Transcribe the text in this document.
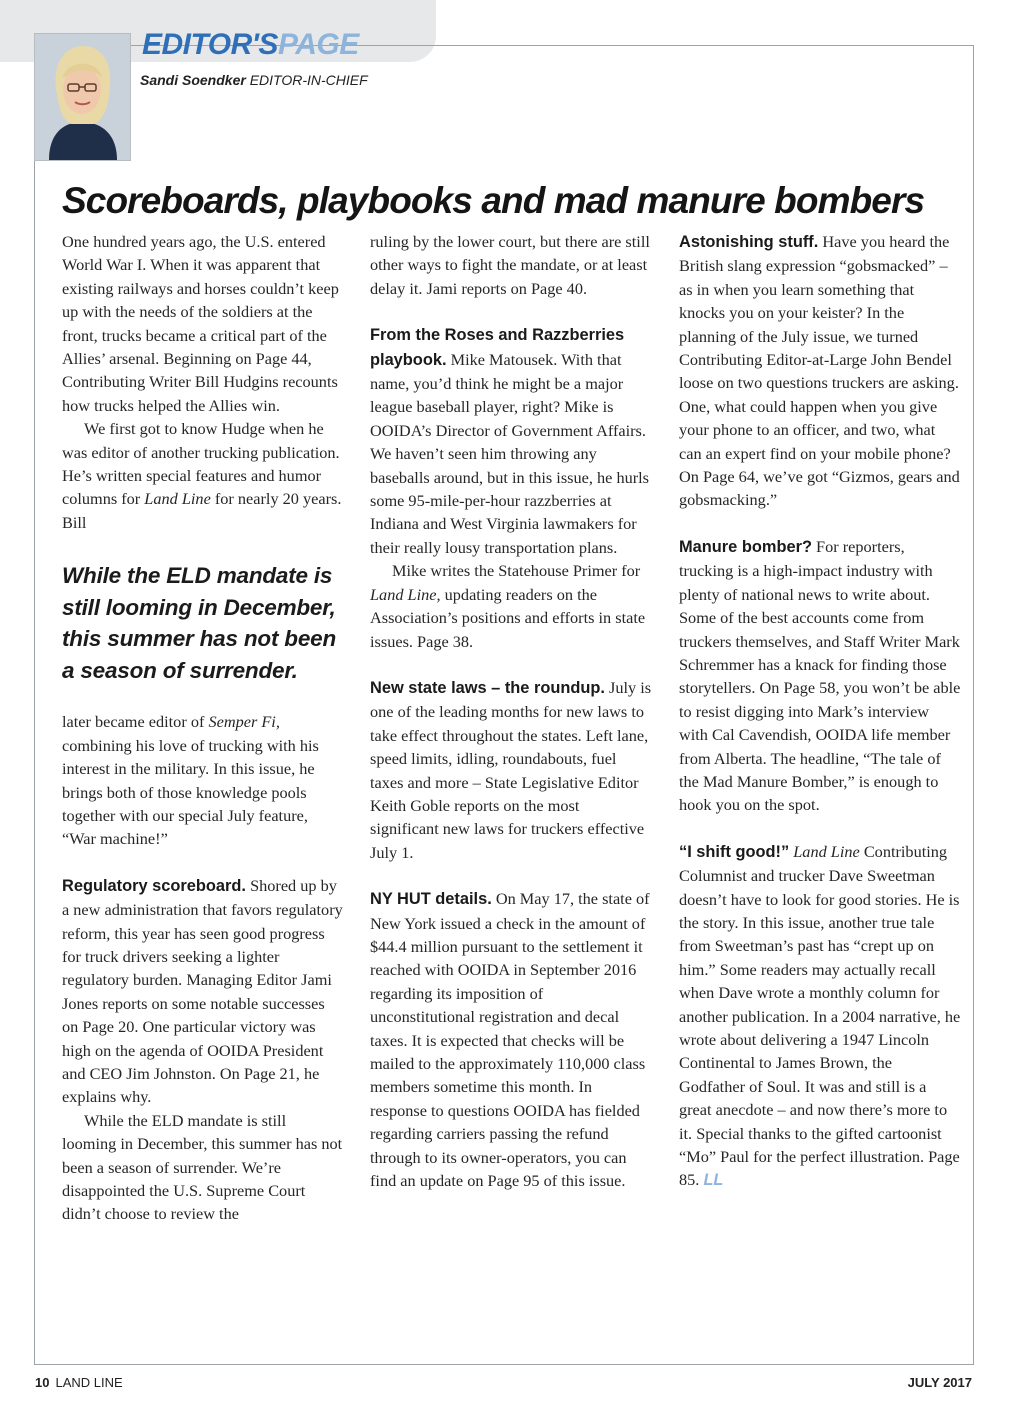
EDITOR'SPAGE
Sandi Soendker EDITOR-IN-CHIEF
Scoreboards, playbooks and mad manure bombers

One hundred years ago, the U.S. entered World War I. When it was apparent that existing railways and horses couldn’t keep up with the needs of the soldiers at the front, trucks became a critical part of the Allies’ arsenal. Beginning on Page 44, Contributing Writer Bill Hudgins recounts how trucks helped the Allies win.

We first got to know Hudge when he was editor of another trucking publication. He’s written special features and humor columns for Land Line for nearly 20 years. Bill

While the ELD mandate is still looming in December, this summer has not been a season of surrender.

later became editor of Semper Fi, combining his love of trucking with his interest in the military. In this issue, he brings both of those knowledge pools together with our special July feature, “War machine!”

Regulatory scoreboard. Shored up by a new administration that favors regulatory reform, this year has seen good progress for truck drivers seeking a lighter regulatory burden. Managing Editor Jami Jones reports on some notable successes on Page 20. One particular victory was high on the agenda of OOIDA President and CEO Jim Johnston. On Page 21, he explains why.

While the ELD mandate is still looming in December, this summer has not been a season of surrender. We’re disappointed the U.S. Supreme Court didn’t choose to review the

ruling by the lower court, but there are still other ways to fight the mandate, or at least delay it. Jami reports on Page 40.

From the Roses and Razzberries playbook. Mike Matousek. With that name, you’d think he might be a major league baseball player, right? Mike is OOIDA’s Director of Government Affairs. We haven’t seen him throwing any baseballs around, but in this issue, he hurls some 95-mile-per-hour razzberries at Indiana and West Virginia lawmakers for their really lousy transportation plans.

Mike writes the Statehouse Primer for Land Line, updating readers on the Association’s positions and efforts in state issues. Page 38.

New state laws – the roundup. July is one of the leading months for new laws to take effect throughout the states. Left lane, speed limits, idling, roundabouts, fuel taxes and more – State Legislative Editor Keith Goble reports on the most significant new laws for truckers effective July 1.

NY HUT details. On May 17, the state of New York issued a check in the amount of $44.4 million pursuant to the settlement it reached with OOIDA in September 2016 regarding its imposition of unconstitutional registration and decal taxes. It is expected that checks will be mailed to the approximately 110,000 class members sometime this month. In response to questions OOIDA has fielded regarding carriers passing the refund through to its owner-operators, you can find an update on Page 95 of this issue.

Astonishing stuff. Have you heard the British slang expression “gobsmacked” – as in when you learn something that knocks you on your keister? In the planning of the July issue, we turned Contributing Editor-at-Large John Bendel loose on two questions truckers are asking. One, what could happen when you give your phone to an officer, and two, what can an expert find on your mobile phone? On Page 64, we’ve got “Gizmos, gears and gobsmacking.”

Manure bomber? For reporters, trucking is a high-impact industry with plenty of national news to write about. Some of the best accounts come from truckers themselves, and Staff Writer Mark Schremmer has a knack for finding those storytellers. On Page 58, you won’t be able to resist digging into Mark’s interview with Cal Cavendish, OOIDA life member from Alberta. The headline, “The tale of the Mad Manure Bomber,” is enough to hook you on the spot.

“I shift good!” Land Line Contributing Columnist and trucker Dave Sweetman doesn’t have to look for good stories. He is the story. In this issue, another true tale from Sweetman’s past has “crept up on him.” Some readers may actually recall when Dave wrote a monthly column for another publication. In a 2004 narrative, he wrote about delivering a 1947 Lincoln Continental to James Brown, the Godfather of Soul. It was and still is a great anecdote – and now there’s more to it. Special thanks to the gifted cartoonist “Mo” Paul for the perfect illustration. Page 85. LL

10 LAND LINE	JULY 2017
